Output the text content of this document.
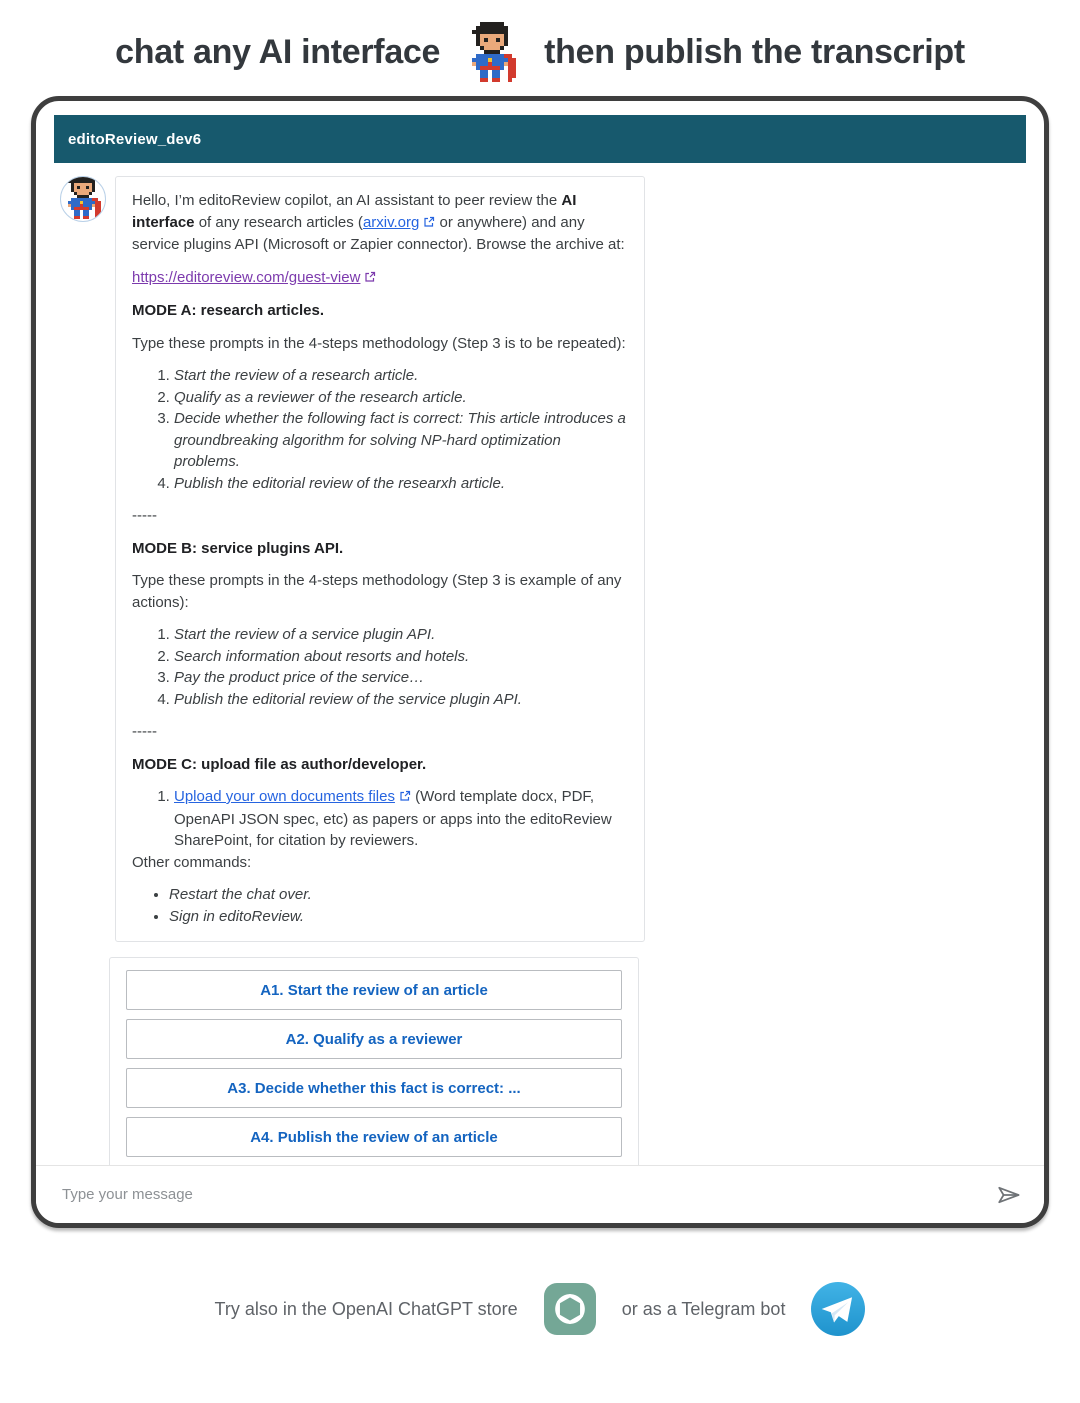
chat any AI interface	then publish the transcript
editoReview_dev6

Hello, I’m editoReview copilot, an AI assistant to peer review the AI interface of any research articles (arxiv.org or anywhere) and any service plugins API (Microsoft or Zapier connector). Browse the archive at:

https://editoreview.com/guest-view

MODE A: research articles.

Type these prompts in the 4-steps methodology (Step 3 is to be repeated):

1. Start the review of a research article.
2. Qualify as a reviewer of the research article.
3. Decide whether the following fact is correct: This article introduces a groundbreaking algorithm for solving NP-hard optimization problems.
4. Publish the editorial review of the researxh article.

-----

MODE B: service plugins API.

Type these prompts in the 4-steps methodology (Step 3 is example of any actions):

1. Start the review of a service plugin API.
2. Search information about resorts and hotels.
3. Pay the product price of the service…
4. Publish the editorial review of the service plugin API.

-----

MODE C: upload file as author/developer.

1. Upload your own documents files (Word template docx, PDF, OpenAPI JSON spec, etc) as papers or apps into the editoReview SharePoint, for citation by reviewers.

Other commands:

• Restart the chat over.
• Sign in editoReview.
A1. Start the review of an article
A2. Qualify as a reviewer
A3. Decide whether this fact is correct: ...
A4. Publish the review of an article
Type your message
Try also in the OpenAI ChatGPT store	or as a Telegram bot
